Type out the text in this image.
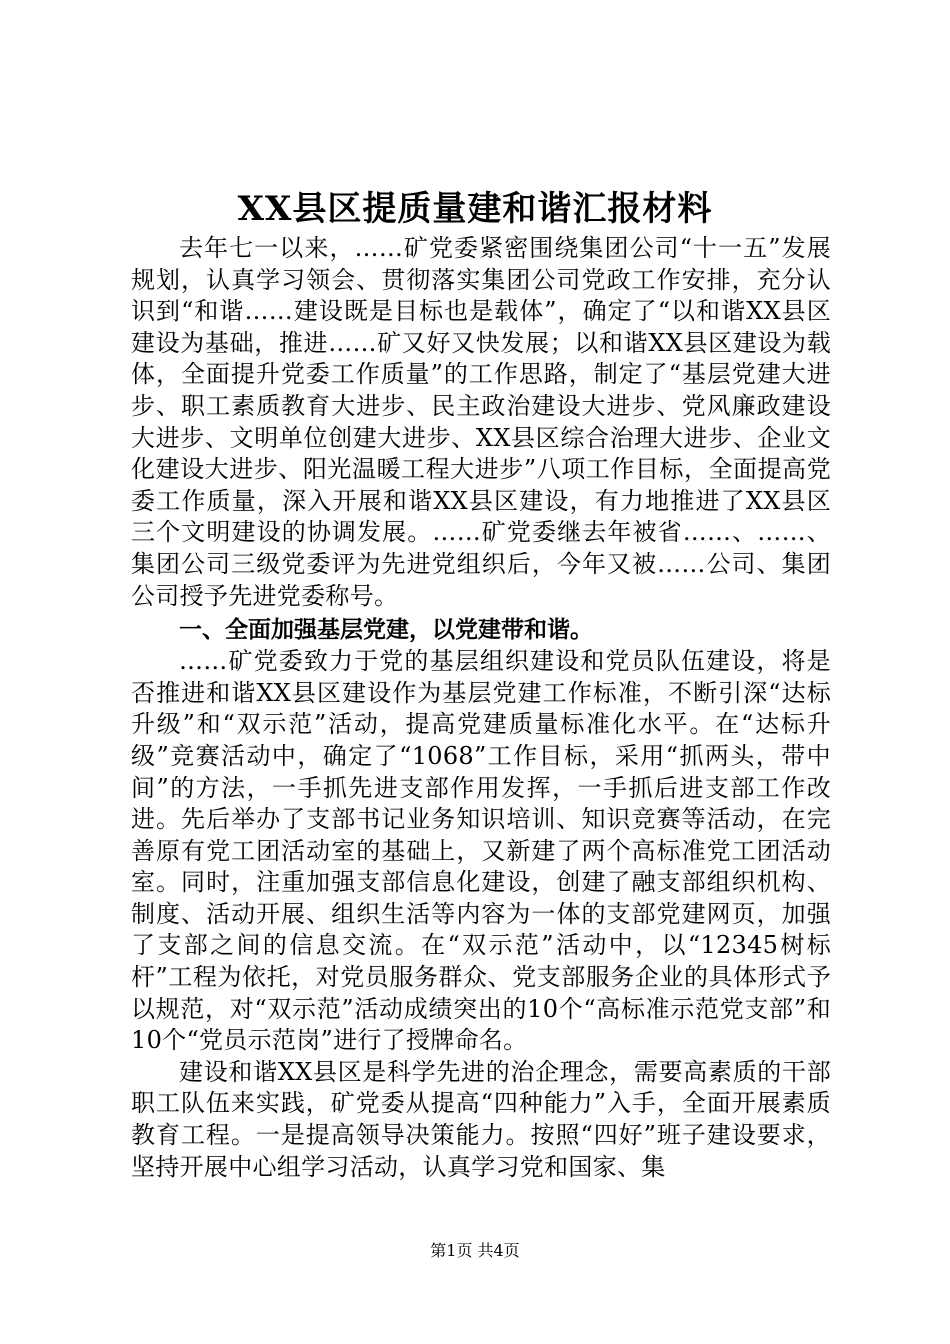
XX县区提质量建和谐汇报材料

去年七一以来，……矿党委紧密围绕集团公司“十一五”发展规划，认真学习领会、贯彻落实集团公司党政工作安排，充分认识到“和谐……建设既是目标也是载体”，确定了“以和谐XX县区建设为基础，推进……矿又好又快发展；以和谐XX县区建设为载体，全面提升党委工作质量”的工作思路，制定了“基层党建大进步、职工素质教育大进步、民主政治建设大进步、党风廉政建设大进步、文明单位创建大进步、XX县区综合治理大进步、企业文化建设大进步、阳光温暖工程大进步”八项工作目标，全面提高党委工作质量，深入开展和谐XX县区建设，有力地推进了XX县区三个文明建设的协调发展。……矿党委继去年被省……、……、集团公司三级党委评为先进党组织后，今年又被……公司、集团公司授予先进党委称号。

一、全面加强基层党建，以党建带和谐。

……矿党委致力于党的基层组织建设和党员队伍建设，将是否推进和谐XX县区建设作为基层党建工作标准，不断引深“达标升级”和“双示范”活动，提高党建质量标准化水平。在“达标升级”竞赛活动中，确定了“1068”工作目标，采用“抓两头，带中间”的方法，一手抓先进支部作用发挥，一手抓后进支部工作改进。先后举办了支部书记业务知识培训、知识竞赛等活动，在完善原有党工团活动室的基础上，又新建了两个高标准党工团活动室。同时，注重加强支部信息化建设，创建了融支部组织机构、制度、活动开展、组织生活等内容为一体的支部党建网页，加强了支部之间的信息交流。在“双示范”活动中，以“12345树标杆”工程为依托，对党员服务群众、党支部服务企业的具体形式予以规范，对“双示范”活动成绩突出的10个“高标准示范党支部”和10个“党员示范岗”进行了授牌命名。

建设和谐XX县区是科学先进的治企理念，需要高素质的干部职工队伍来实践，矿党委从提高“四种能力”入手，全面开展素质教育工程。一是提高领导决策能力。按照“四好”班子建设要求，坚持开展中心组学习活动，认真学习党和国家、集

第1页 共4页
